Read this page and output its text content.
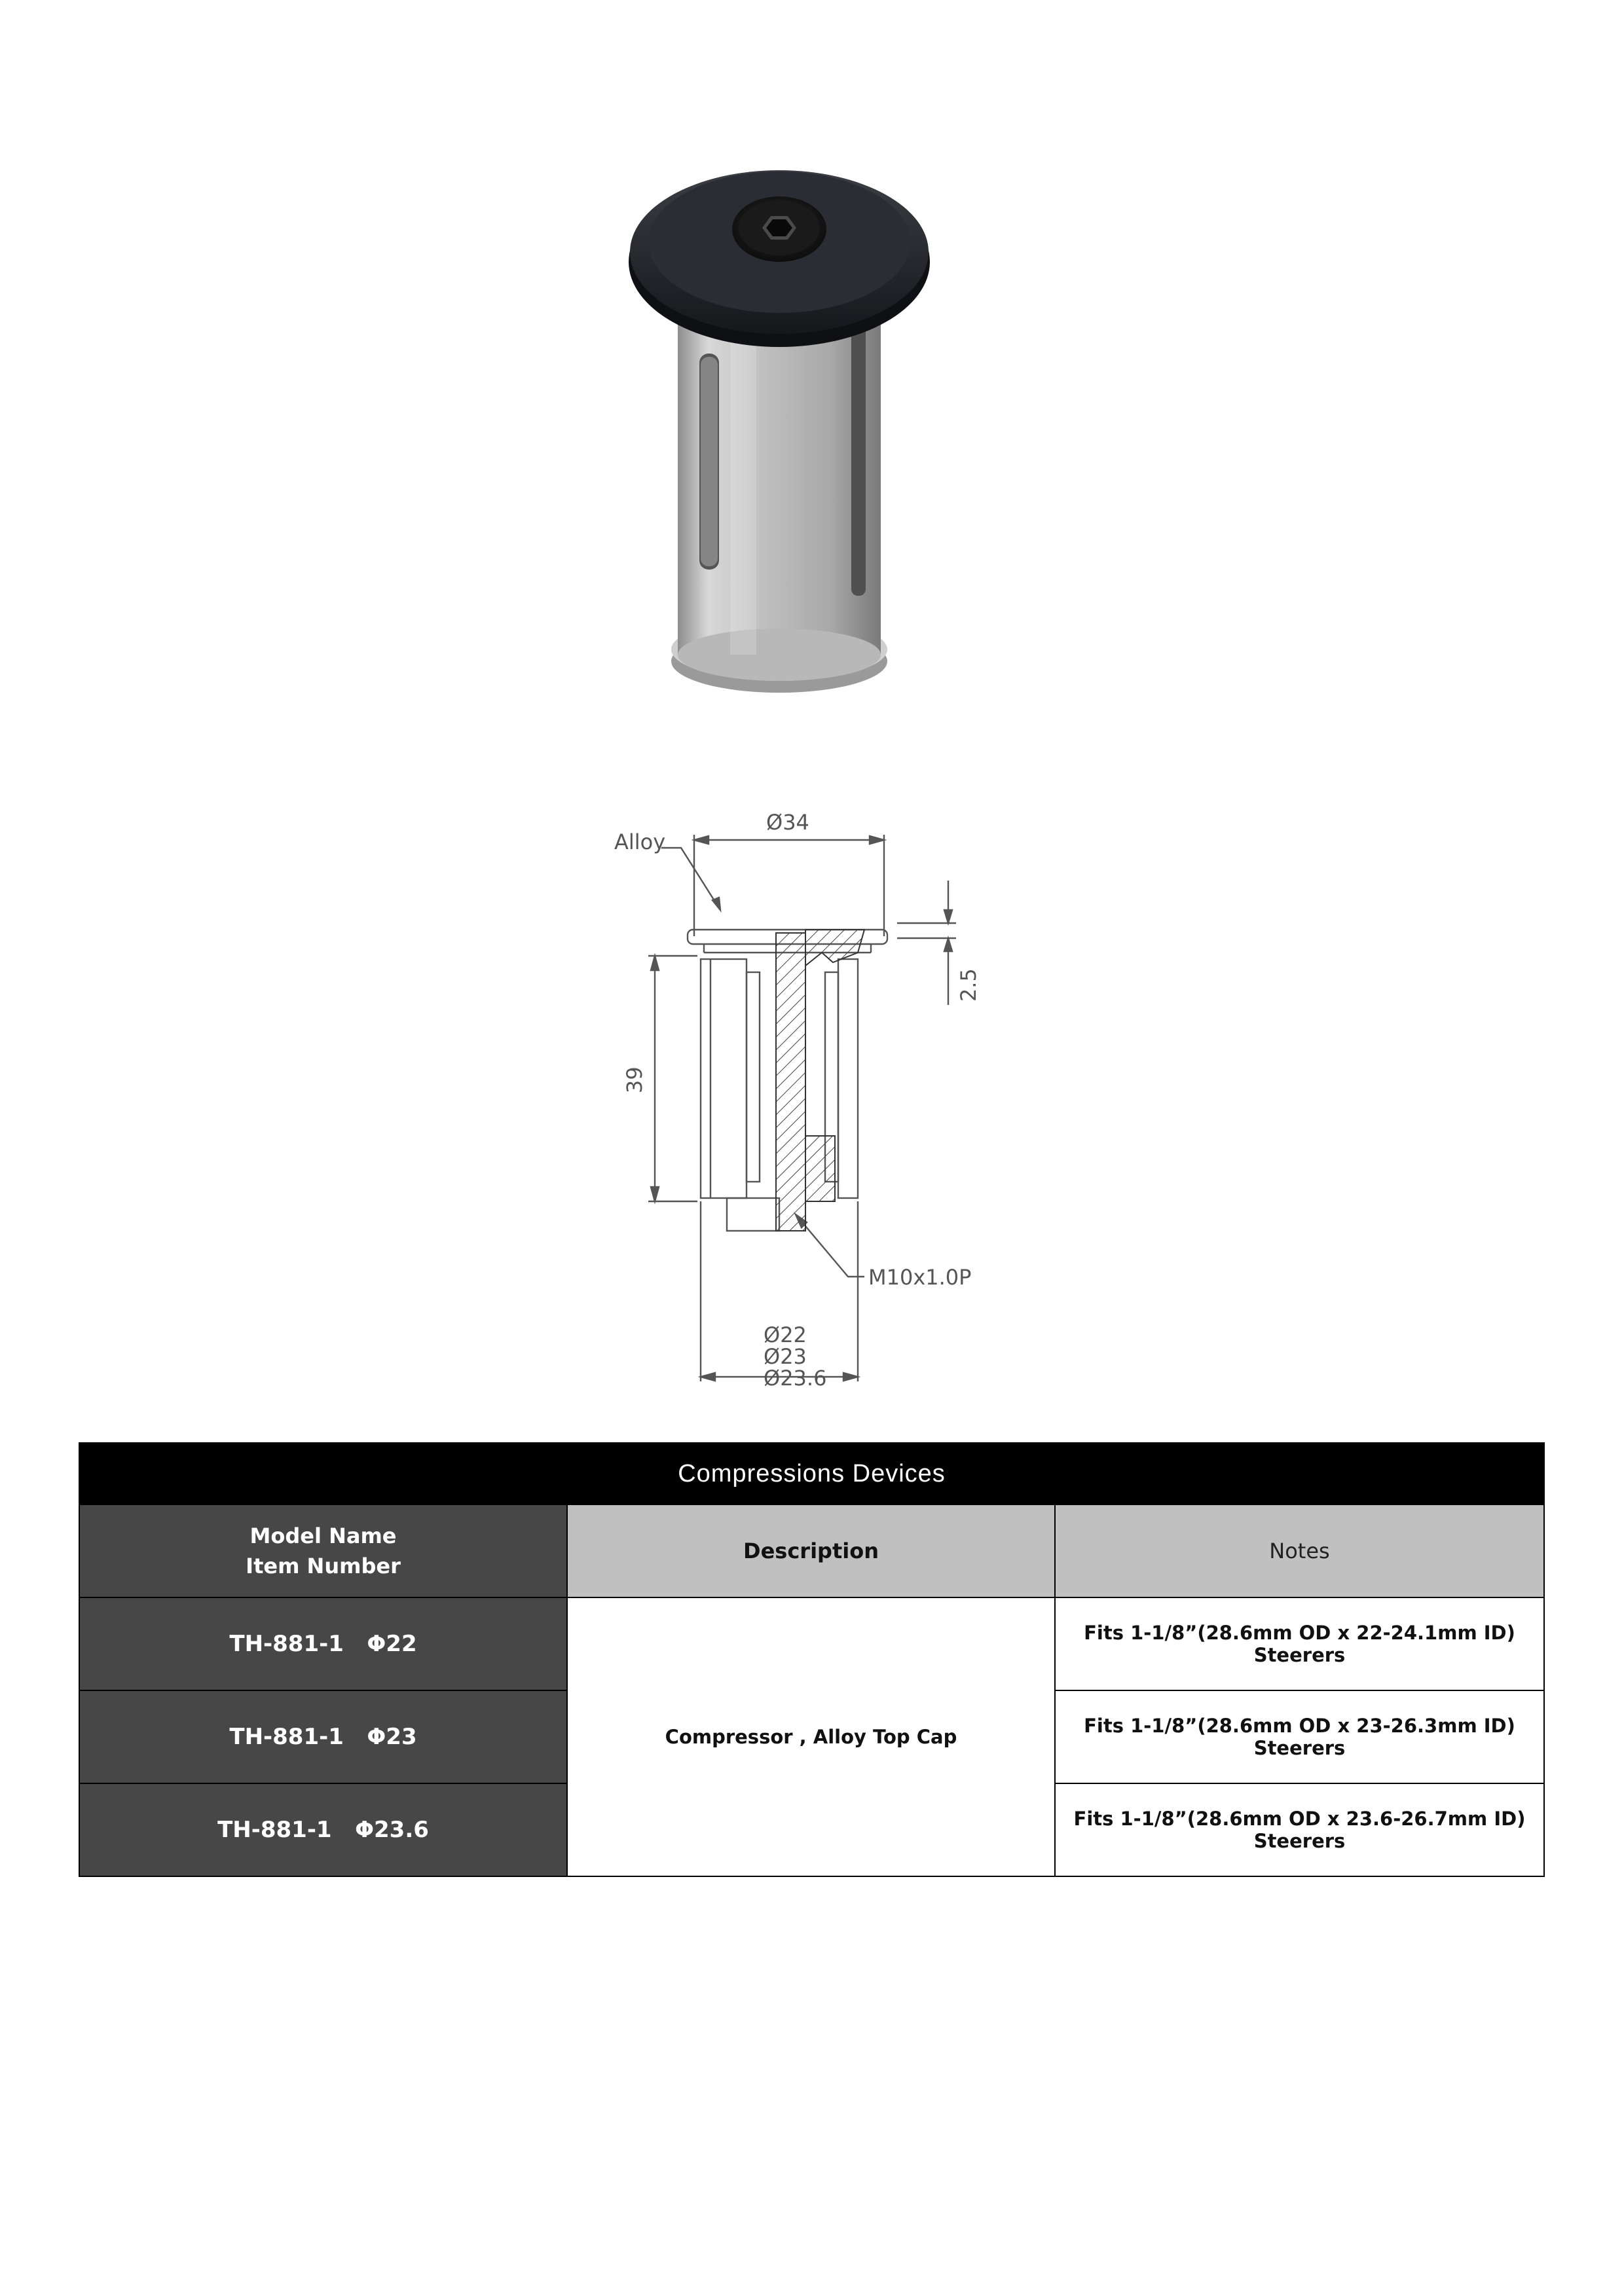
Alloy
Ø34
2.5
39
Ø22
Ø23
Ø23.6
M10x1.0P
Compressions Devices		

Model Name
Item Number	Description	Notes
TH-881-1   Φ22	Compressor , Alloy Top Cap	Fits 1-1/8”(28.6mm OD x 22-24.1mm ID) Steerers
TH-881-1   Φ23		Fits 1-1/8”(28.6mm OD x 23-26.3mm ID) Steerers
TH-881-1   Φ23.6		Fits 1-1/8”(28.6mm OD x 23.6-26.7mm ID) Steerers
